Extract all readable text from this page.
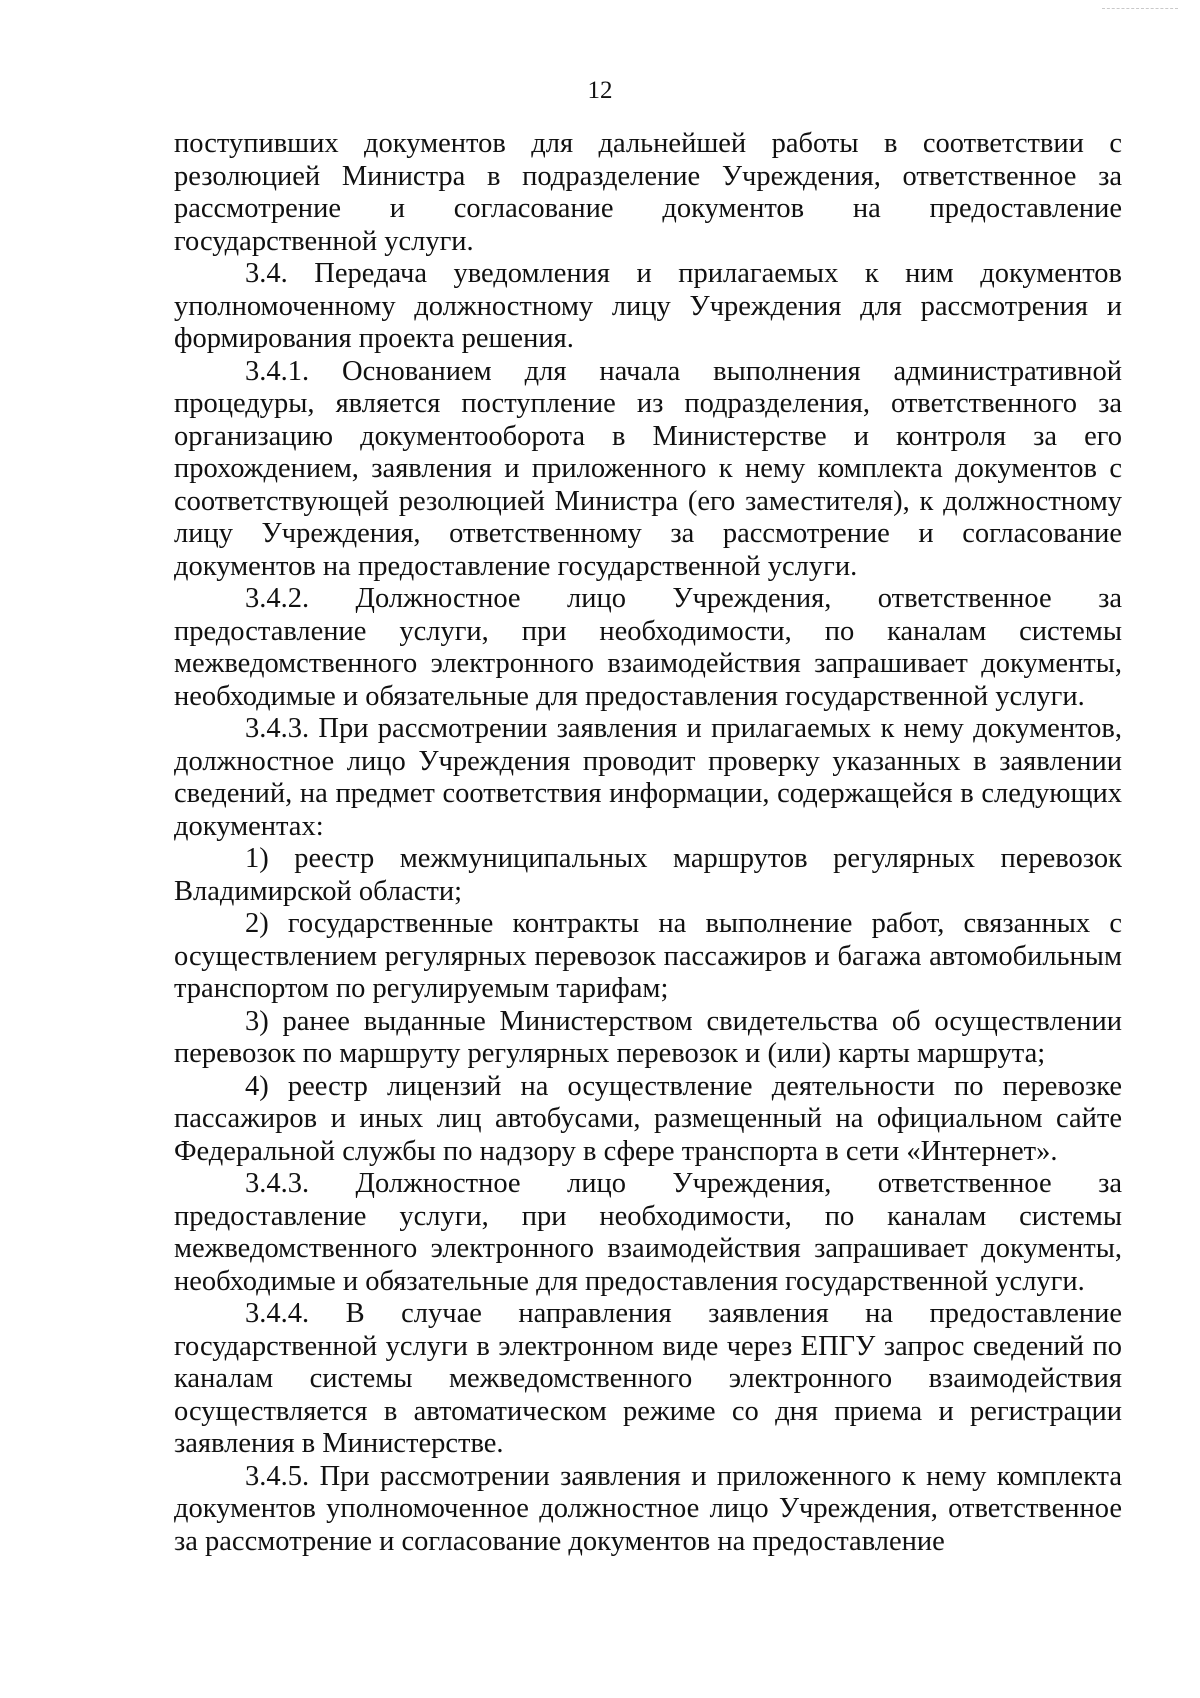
12

поступивших документов для дальнейшей работы в соответствии с резолюцией Министра в подразделение Учреждения, ответственное за рассмотрение и согласование документов на предоставление государственной услуги.

3.4. Передача уведомления и прилагаемых к ним документов уполномоченному должностному лицу Учреждения для рассмотрения и формирования проекта решения.

3.4.1. Основанием для начала выполнения административной процедуры, является поступление из подразделения, ответственного за организацию документооборота в Министерстве и контроля за его прохождением, заявления и приложенного к нему комплекта документов с соответствующей резолюцией Министра (его заместителя), к должностному лицу Учреждения, ответственному за рассмотрение и согласование документов на предоставление государственной услуги.

3.4.2. Должностное лицо Учреждения, ответственное за предоставление услуги, при необходимости, по каналам системы межведомственного электронного взаимодействия запрашивает документы, необходимые и обязательные для предоставления государственной услуги.

3.4.3. При рассмотрении заявления и прилагаемых к нему документов, должностное лицо Учреждения проводит проверку указанных в заявлении сведений, на предмет соответствия информации, содержащейся в следующих документах:

1) реестр межмуниципальных маршрутов регулярных перевозок Владимирской области;

2) государственные контракты на выполнение работ, связанных с осуществлением регулярных перевозок пассажиров и багажа автомобильным транспортом по регулируемым тарифам;

3) ранее выданные Министерством свидетельства об осуществлении перевозок по маршруту регулярных перевозок и (или) карты маршрута;

4) реестр лицензий на осуществление деятельности по перевозке пассажиров и иных лиц автобусами, размещенный на официальном сайте Федеральной службы по надзору в сфере транспорта в сети «Интернет».

3.4.3. Должностное лицо Учреждения, ответственное за предоставление услуги, при необходимости, по каналам системы межведомственного электронного взаимодействия запрашивает документы, необходимые и обязательные для предоставления государственной услуги.

3.4.4. В случае направления заявления на предоставление государственной услуги в электронном виде через ЕПГУ запрос сведений по каналам системы межведомственного электронного взаимодействия осуществляется в автоматическом режиме со дня приема и регистрации заявления в Министерстве.

3.4.5. При рассмотрении заявления и приложенного к нему комплекта документов уполномоченное должностное лицо Учреждения, ответственное за рассмотрение и согласование документов на предоставление
